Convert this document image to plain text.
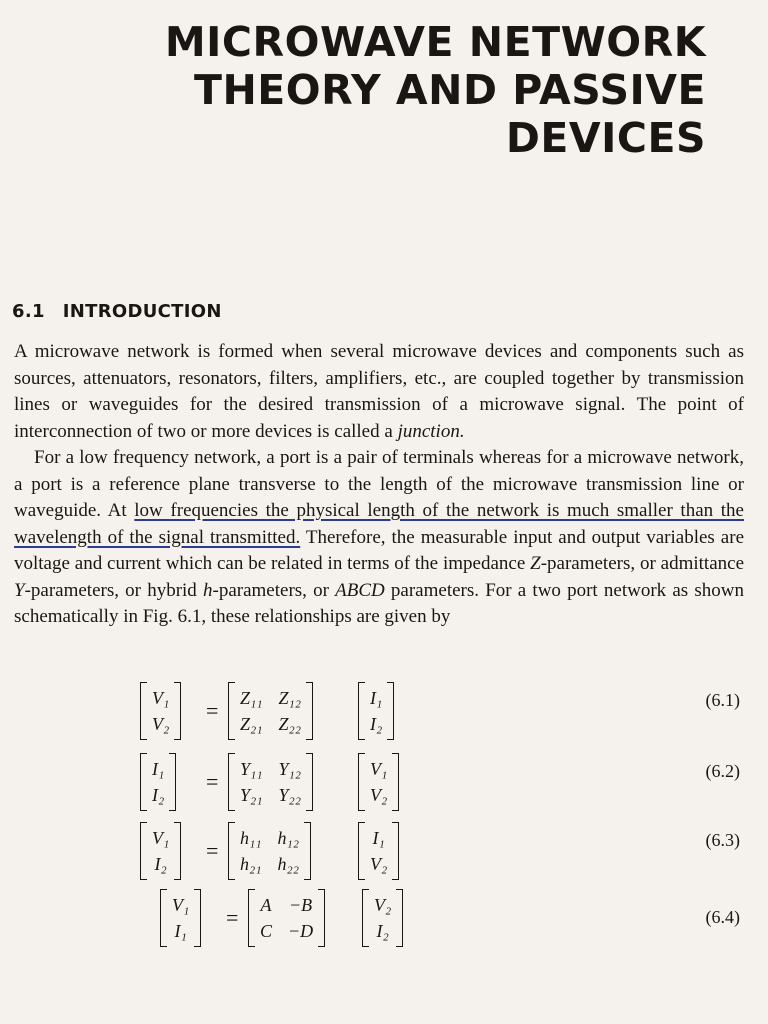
MICROWAVE NETWORK
THEORY AND PASSIVE
DEVICES
6.1 INTRODUCTION

A microwave network is formed when several microwave devices and components such as sources, attenuators, resonators, filters, amplifiers, etc., are coupled together by transmission lines or waveguides for the desired transmission of a microwave signal. The point of interconnection of two or more devices is called a junction.

For a low frequency network, a port is a pair of terminals whereas for a microwave network, a port is a reference plane transverse to the length of the microwave transmission line or waveguide. At low frequencies the physical length of the network is much smaller than the wavelength of the signal transmitted. Therefore, the measurable input and output variables are voltage and current which can be related in terms of the impedance Z-parameters, or admittance Y-parameters, or hybrid h-parameters, or ABCD parameters. For a two port network as shown schematically in Fig. 6.1, these relationships are given by

V₁
V₂
= Z₁₁ Z₁₂
Z₂₁ Z₂₂
I₁
I₂
(6.1)
I₁
I₂
= Y₁₁ Y₁₂
Y₂₁ Y₂₂
V₁
V₂
(6.2)
V₁
I₂
= h₁₁ h₁₂
h₂₁ h₂₂
I₁
V₂
(6.3)
V₁
I₁
= A −B
C −D
V₂
I₂
(6.4)
